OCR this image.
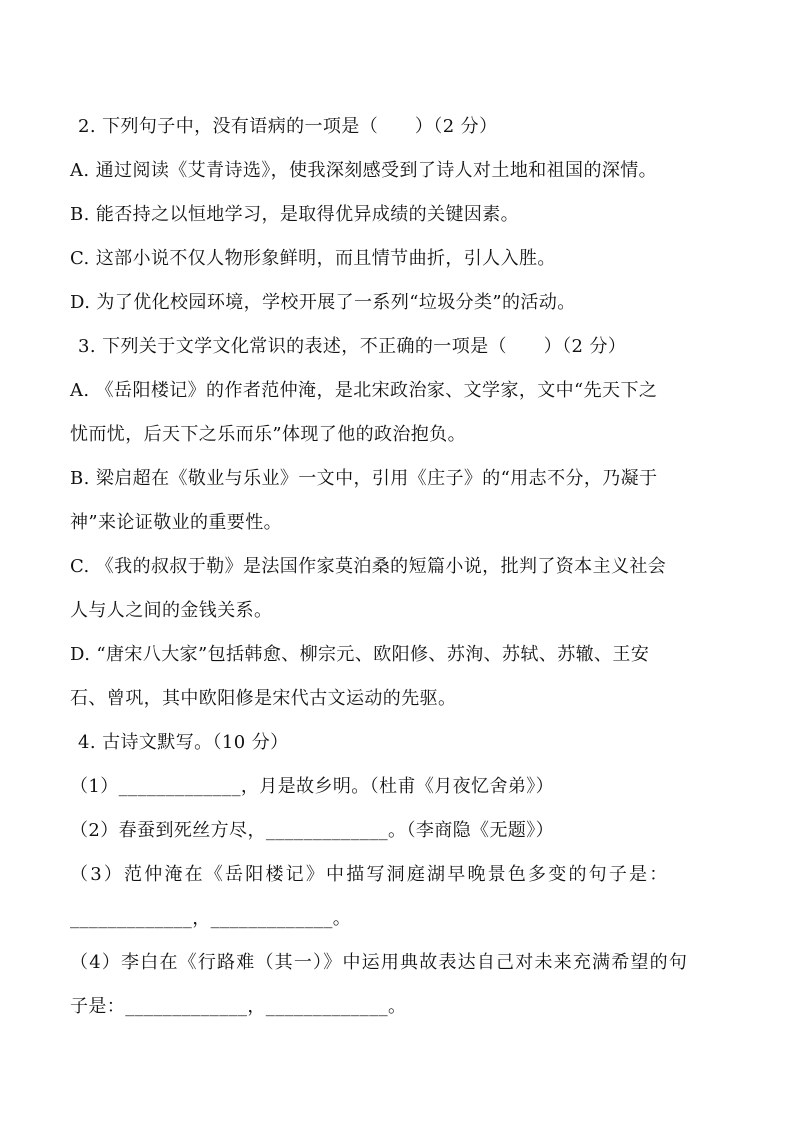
2. 下列句子中，没有语病的一项是（　　）（2 分）
A. 通过阅读《艾青诗选》，使我深刻感受到了诗人对土地和祖国的深情。
B. 能否持之以恒地学习，是取得优异成绩的关键因素。
C. 这部小说不仅人物形象鲜明，而且情节曲折，引人入胜。
D. 为了优化校园环境，学校开展了一系列“垃圾分类”的活动。
3. 下列关于文学文化常识的表述，不正确的一项是（　　）（2 分）
A. 《岳阳楼记》的作者范仲淹，是北宋政治家、文学家，文中“先天下之
忧而忧，后天下之乐而乐”体现了他的政治抱负。
B. 梁启超在《敬业与乐业》一文中，引用《庄子》的“用志不分，乃凝于
神”来论证敬业的重要性。
C. 《我的叔叔于勒》是法国作家莫泊桑的短篇小说，批判了资本主义社会
人与人之间的金钱关系。
D. “唐宋八大家”包括韩愈、柳宗元、欧阳修、苏洵、苏轼、苏辙、王安
石、曾巩，其中欧阳修是宋代古文运动的先驱。
4. 古诗文默写。（10 分）
（1）_____________，月是故乡明。（杜甫《月夜忆舍弟》）
（2）春蚕到死丝方尽，_____________。（李商隐《无题》）
（3）范仲淹在《岳阳楼记》中描写洞庭湖早晚景色多变的句子是：
_____________，_____________。
（4）李白在《行路难（其一）》中运用典故表达自己对未来充满希望的句
子是：_____________，_____________。
